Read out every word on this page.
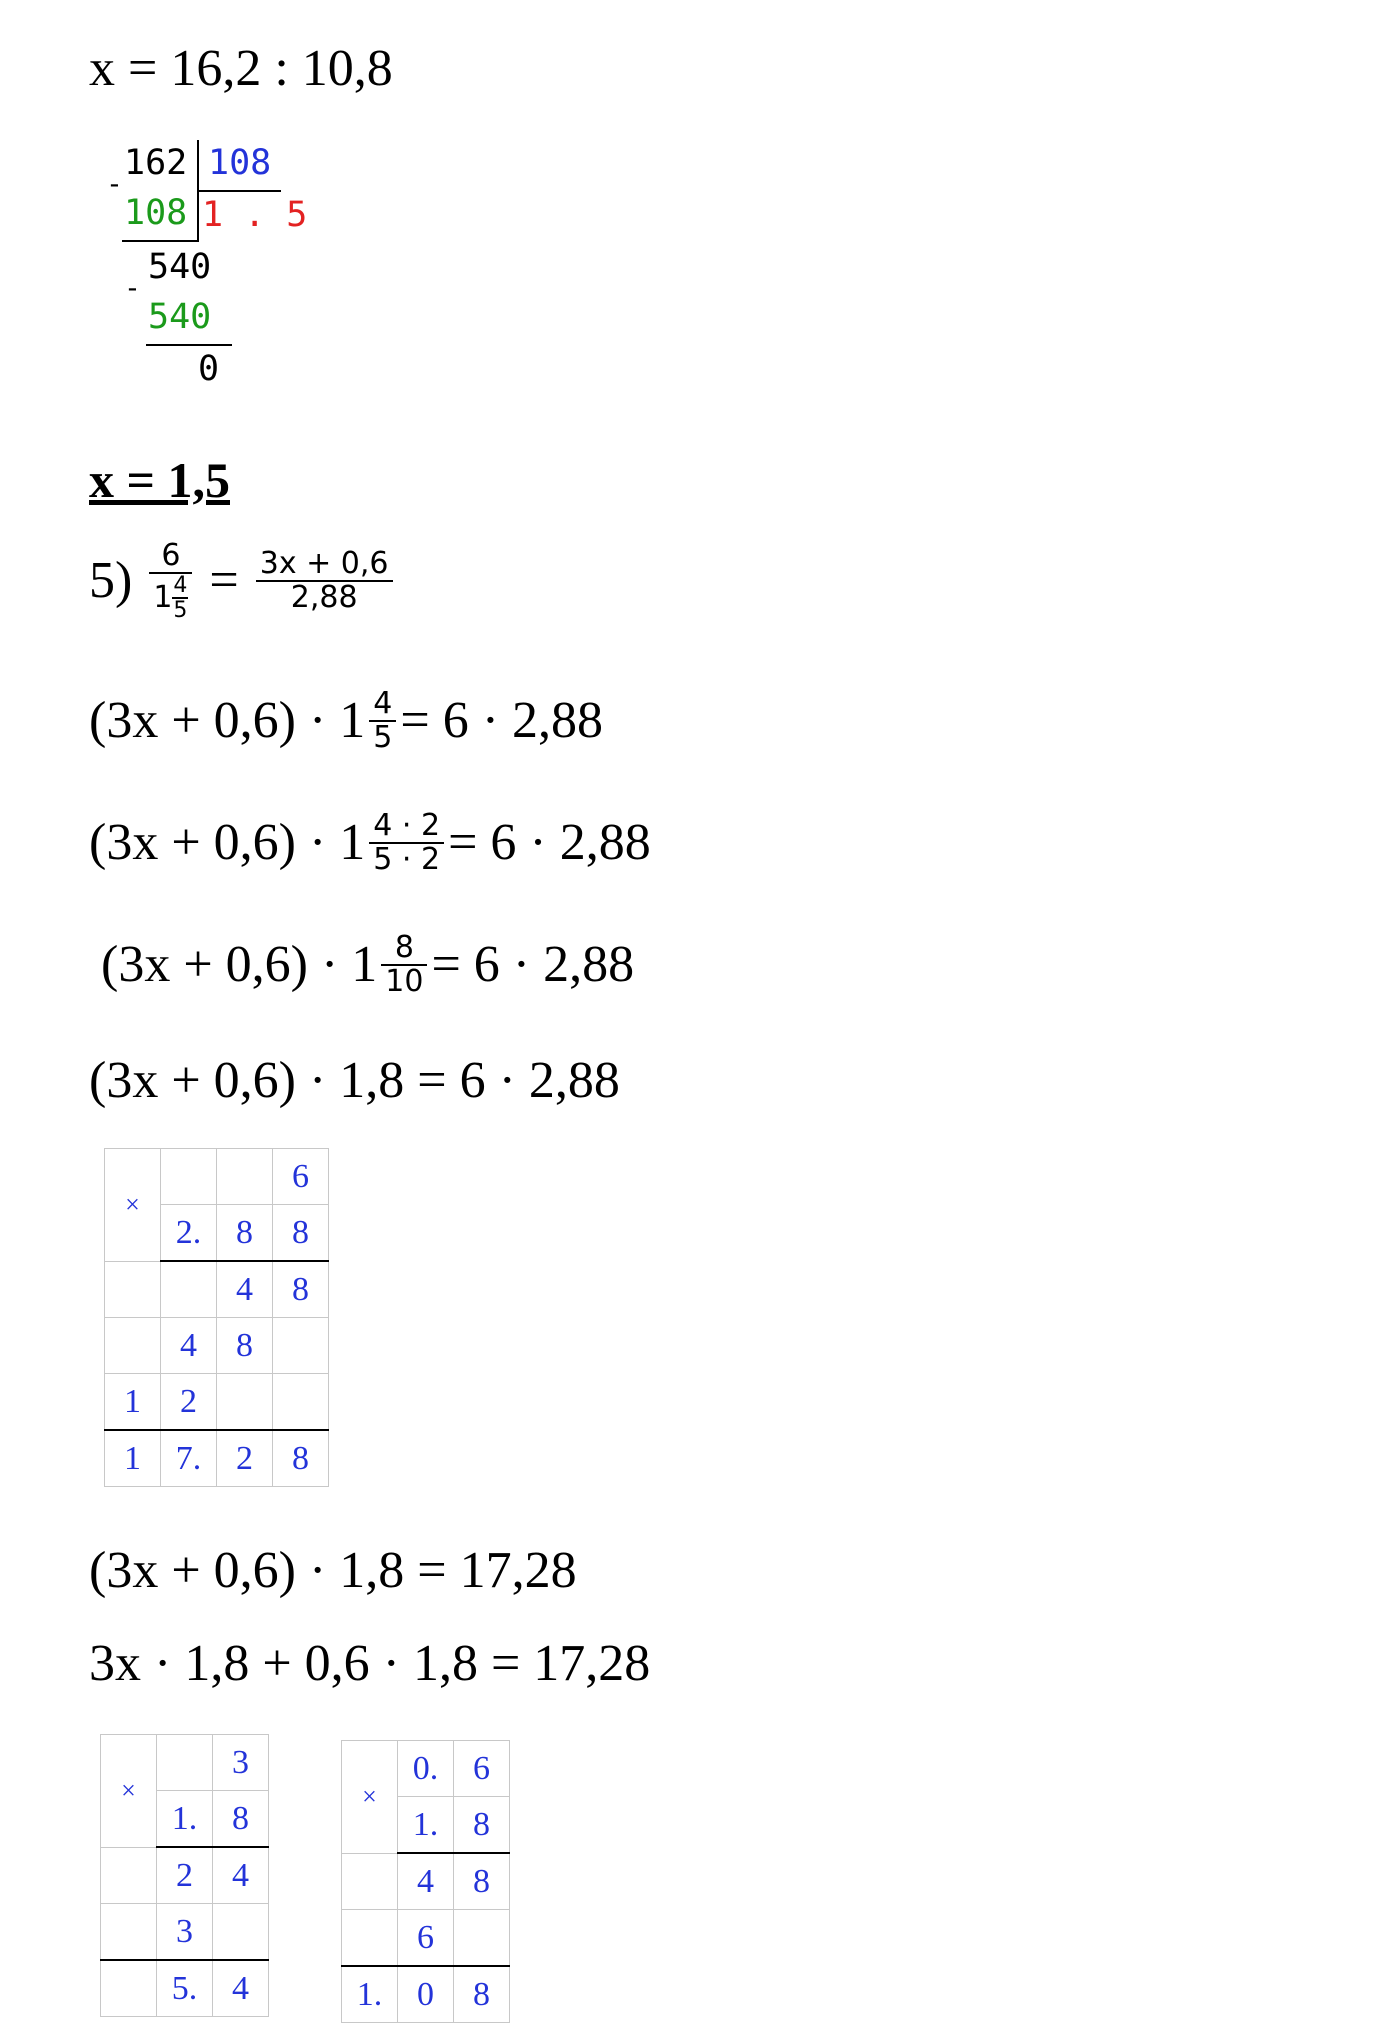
x = 16,2 : 10,8
162 108
-
108 1 . 5
540
-
540
0
x = 1,5
$5) \frac{6}{1 \frac{4}{5}} = \frac{3x + 0,6}{2,88}$
$(3x + 0,6) \cdot 1 \frac{4}{5} = 6 \cdot 2,88$
$(3x + 0,6) \cdot 1 \frac{4 \cdot 2}{5 \cdot 2} = 6 \cdot 2,88$
$(3x + 0,6) \cdot 1 \frac{8}{10} = 6 \cdot 2,88$
(3x + 0,6) · 1,8 = 6 · 2,88
×			6
	2.	8	8
		4	8
	4	8	
1	2		
1	7.	2	8
(3x + 0,6) · 1,8 = 17,28
3x · 1,8 + 0,6 · 1,8 = 17,28
×		3
	1.	8
	2	4
	3	
	5.	4
×	0.	6
	1.	8
	4	8
	6	
1.	0	8
